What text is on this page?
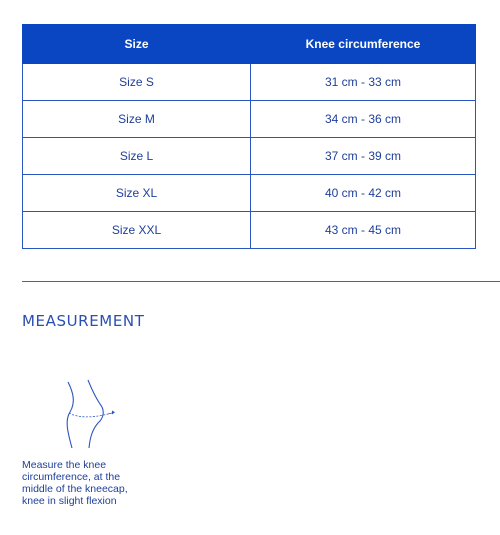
Size	Knee circumference
Size S	31 cm - 33 cm
Size M	34 cm - 36 cm
Size L	37 cm - 39 cm
Size XL	40 cm - 42 cm
Size XXL	43 cm - 45 cm
MEASUREMENT
Measure the knee
circumference, at the
middle of the kneecap,
knee in slight flexion
